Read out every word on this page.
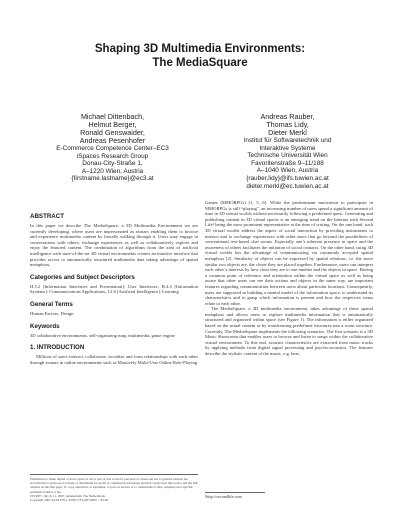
Shaping 3D Multimedia Environments:
The MediaSquare
Michael Dittenbach,
Helmut Berger,
Ronald Genswaider,
Andreas Pesenhofer
E-Commerce Competence Center–EC3
iSpaces Research Group
Donau-City-Straße 1,
A–1220 Wien, Austria
{firstname.lastname}@ec3.at
Andreas Rauber,
Thomas Lidy,
Dieter Merkl
Institut für Softwaretechnik und
Interaktive Systeme
Technische Universität Wien
Favoritenstraße 9–11/188
A–1040 Wien, Austria
{rauber,lidy}@ifs.tuwien.ac.at
dieter.merkl@ec.tuwien.ac.at
ABSTRACT

In this paper we describe The MediaSquare, a 3D Multimedia Environment we are currently developing, where users are impersonated as avatars enabling them to browse and experience multimedia content by literally walking through it. Users may engage in conversations with others, exchange experiences as well as collaboratively explore and enjoy the featured content. The combination of algorithms from the area of artificial intelligence with state-of-the-art 3D virtual environments creates an intuitive interface that provides access to automatically structured multimedia data taking advantage of spatial metaphors.

Categories and Subject Descriptors

H.5.2 [Information Interfaces and Presentation]: User Interfaces; H.4.3 [Information Systems]: Communications Applications; I.2.6 [Artificial Intelligence]: Learning

General Terms

Human Factors, Design

Keywords

3D collaborative environments, self-organizing map, multimedia, game engine

1. INTRODUCTION

Millions of users interact, collaborate, socialize and form relationships with each other through avatars in online environments such as Massively Multi-User Online Role-Playing

Permission to make digital or hard copies of all or part of this work for personal or classroom use is granted without fee provided that copies are not made or distributed for profit or commercial advantage and that copies bear this notice and the full citation on the first page. To copy otherwise, to republish, to post on servers or to redistribute to lists, requires prior specific permission and/or a fee.
CIVR'07, July 9–11, 2007, Amsterdam, The Netherlands.
Copyright 2007 ACM 978-1-59593-733-9/07/0007 ...$5.00.

Games (MMORPGs) [1, 5, 6]. While the predominant motivation to participate in MMORPGs is still “playing”, an increasing number of users spend a significant amount of time in 3D virtual worlds without necessarily following a predefined quest. Generating and publishing content in 3D virtual spaces is an emerging trend on the Internet with Second Life¹ being the most prominent representative at the time of writing. On the one hand, such 3D virtual worlds address the aspect of social interaction by providing instruments to interact and to exchange experiences with other users that go beyond the possibilities of conventional text-based chat rooms. Especially one’s inherent presence in space and the awareness of others facilitates the initiation of social contacts. On the other hand, using 3D virtual worlds has the advantage of communicating via commonly accepted spatial metaphors [2]. Similarity of objects can be expressed by spatial relations, i.e. the more similar two objects are, the closer they are placed together. Furthermore, users can interpret each other’s interests by how close they are to one another and the objects in space. Having a common point of reference and orientation within the virtual space as well as being aware that other users can see their actions and objects in the same way, are important features regarding communication between users about particular locations. Consequently, users are supported in building a mental model of the information space, to understand its characteristics and to grasp which information is present and how the respective items relate to each other.

The MediaSquare, a 3D multimedia environment, takes advantage of these spatial metaphors and allows users to explore multimedia information that is automatically structured and organized within space (see Figure 1). The information is either organized based on the actual content or by transforming predefined structures into a room structure. Currently, The MediaSquare implements the following scenarios. The first scenario is a 3D Music Showroom that enables users to browse and listen to songs within the collaborative virtual environment. To this end, acoustic characteristics are extracted from music tracks by applying methods from digital signal processing and psycho-acoustics. The features describe the stylistic content of the music, e.g. beat,

¹http://secondlife.com
